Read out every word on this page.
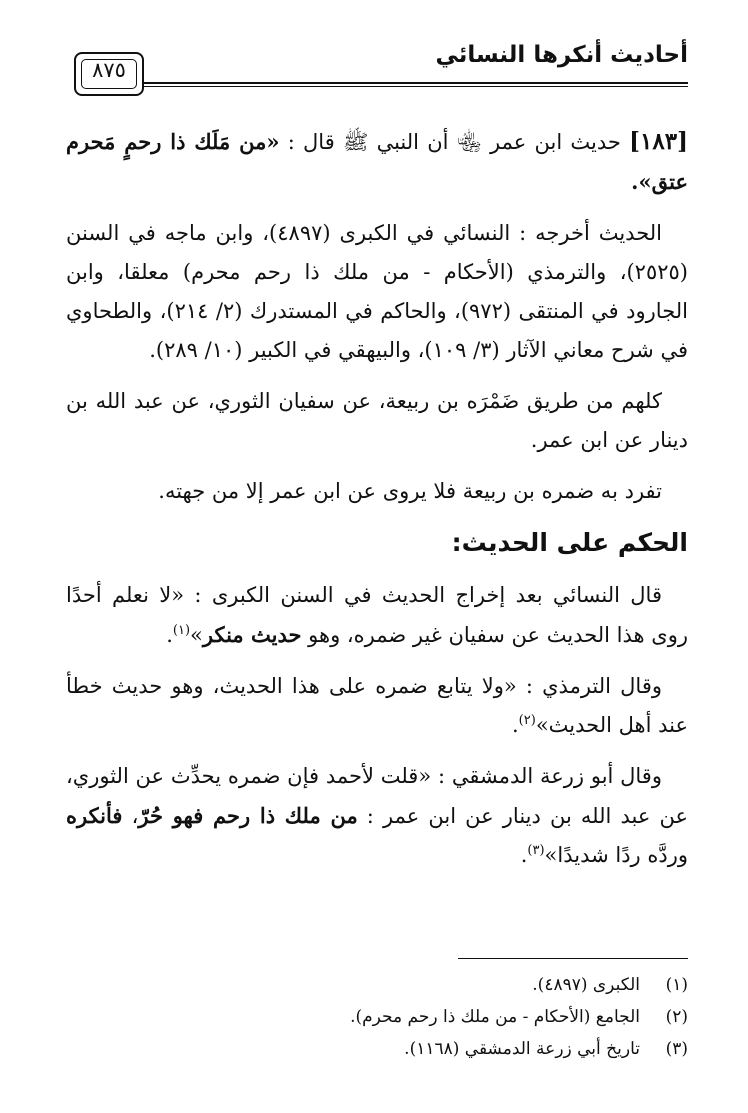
أحاديث أنكرها النسائي
٨٧٥

[١٨٣] حديث ابن عمر ﵄ أن النبي ﷺ قال : «من مَلَك ذا رحمٍ مَحرم عتق».

الحديث أخرجه : النسائي في الكبرى (٤٨٩٧)، وابن ماجه في السنن (٢٥٢٥)، والترمذي (الأحكام - من ملك ذا رحم محرم) معلقا، وابن الجارود في المنتقى (٩٧٢)، والحاكم في المستدرك (٢/ ٢١٤)، والطحاوي في شرح معاني الآثار (٣/ ١٠٩)، والبيهقي في الكبير (١٠/ ٢٨٩).

كلهم من طريق ضَمْرَه بن ربيعة، عن سفيان الثوري، عن عبد الله بن دينار عن ابن عمر.

تفرد به ضمره بن ربيعة فلا يروى عن ابن عمر إلا من جهته.

الحكم على الحديث:

قال النسائي بعد إخراج الحديث في السنن الكبرى : «لا نعلم أحدًا روى هذا الحديث عن سفيان غير ضمره، وهو حديث منكر»$^{(١)}$.

وقال الترمذي : «ولا يتابع ضمره على هذا الحديث، وهو حديث خطأ عند أهل الحديث»$^{(٢)}$.

وقال أبو زرعة الدمشقي : «قلت لأحمد فإن ضمره يحدِّث عن الثوري، عن عبد الله بن دينار عن ابن عمر : من ملك ذا رحم فهو حُرّ، فأنكره وردَّه ردًا شديدًا»$^{(٣)}$.

(١)الكبرى (٤٨٩٧).
(٢)الجامع (الأحكام - من ملك ذا رحم محرم).
(٣)تاريخ أبي زرعة الدمشقي (١١٦٨).
